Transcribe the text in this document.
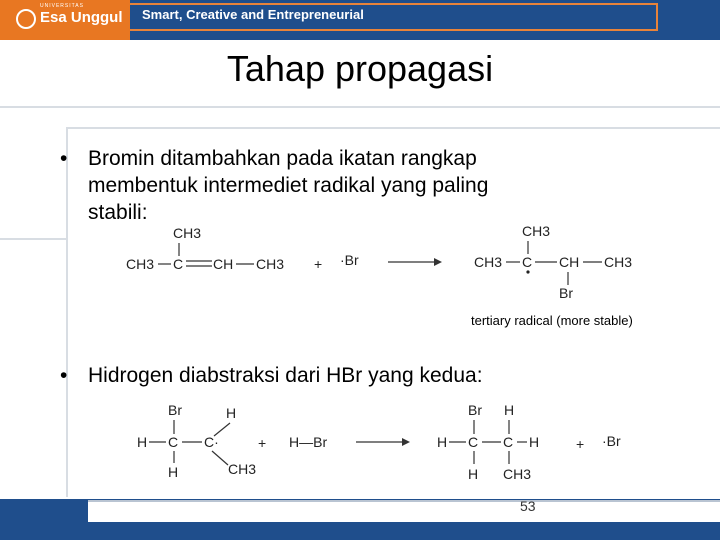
UNIVERSITAS
Esa Unggul Smart, Creative and Entrepreneurial
Tahap propagasi
• Bromin ditambahkan pada ikatan rangkap
membentuk intermediet radikal yang paling
stabili:
CH3
CH3 C CH CH3 + ·Br
CH3
CH3 C CH CH3
Br
tertiary radical (more stable)
• Hidrogen diabstraksi dari HBr yang kedua:
Br	H
H C C·
H	CH3
+ H—Br
Br H
H C C H
H CH3
+ ·Br
53
